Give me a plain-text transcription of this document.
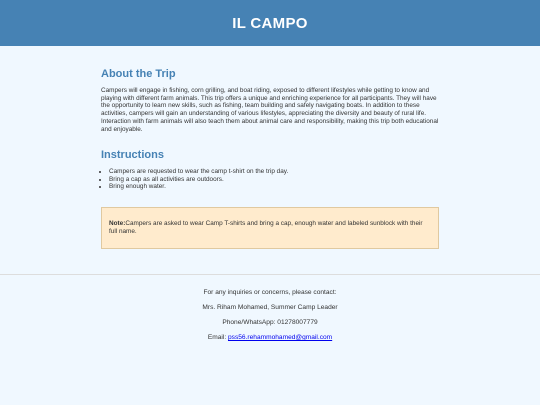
IL CAMPO
About the Trip

Campers will engage in fishing, corn grilling, and boat riding, exposed to different lifestyles while getting to know and playing with different farm animals. This trip offers a unique and enriching experience for all participants. They will have the opportunity to learn new skills, such as fishing, team building and safely navigating boats. In addition to these activities, campers will gain an understanding of various lifestyles, appreciating the diversity and beauty of rural life. Interaction with farm animals will also teach them about animal care and responsibility, making this trip both educational and enjoyable.

Instructions
• Campers are requested to wear the camp t-shirt on the trip day.
• Bring a cap as all activities are outdoors.
• Bring enough water.
Note:Campers are asked to wear Camp T-shirts and bring a cap, enough water and labeled sunblock with their full name.

For any inquiries or concerns, please contact:

Mrs. Riham Mohamed, Summer Camp Leader

Phone/WhatsApp: 01278007779

Email: pss56.rehammohamed@gmail.com
